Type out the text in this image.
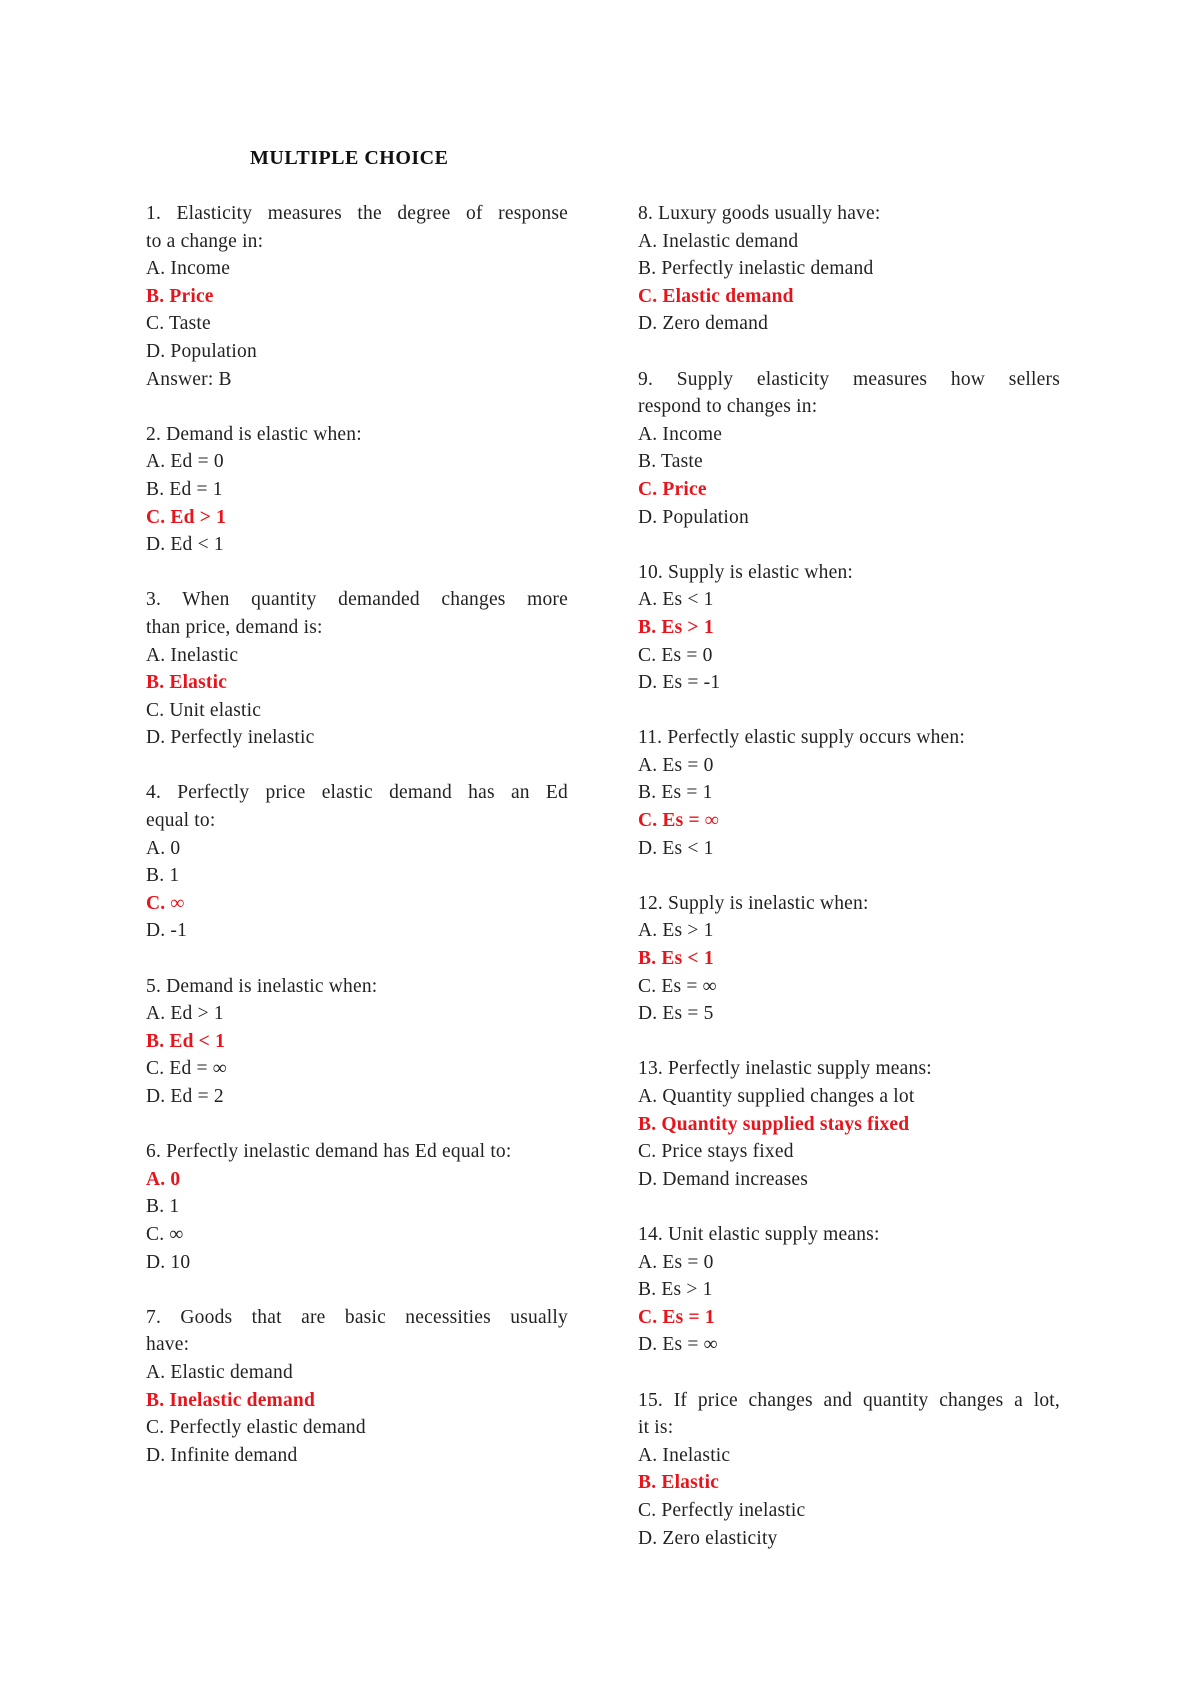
MULTIPLE CHOICE
1. Elasticity measures the degree of response
to a change in:
A. Income
B. Price
C. Taste
D. Population
Answer: B
2. Demand is elastic when:
A. Ed = 0
B. Ed = 1
C. Ed > 1
D. Ed < 1
3. When quantity demanded changes more
than price, demand is:
A. Inelastic
B. Elastic
C. Unit elastic
D. Perfectly inelastic
4. Perfectly price elastic demand has an Ed
equal to:
A. 0
B. 1
C. ∞
D. -1
5. Demand is inelastic when:
A. Ed > 1
B. Ed < 1
C. Ed = ∞
D. Ed = 2
6. Perfectly inelastic demand has Ed equal to:
A. 0
B. 1
C. ∞
D. 10
7. Goods that are basic necessities usually
have:
A. Elastic demand
B. Inelastic demand
C. Perfectly elastic demand
D. Infinite demand
8. Luxury goods usually have:
A. Inelastic demand
B. Perfectly inelastic demand
C. Elastic demand
D. Zero demand
9. Supply elasticity measures how sellers
respond to changes in:
A. Income
B. Taste
C. Price
D. Population
10. Supply is elastic when:
A. Es < 1
B. Es > 1
C. Es = 0
D. Es = -1
11. Perfectly elastic supply occurs when:
A. Es = 0
B. Es = 1
C. Es = ∞
D. Es < 1
12. Supply is inelastic when:
A. Es > 1
B. Es < 1
C. Es = ∞
D. Es = 5
13. Perfectly inelastic supply means:
A. Quantity supplied changes a lot
B. Quantity supplied stays fixed
C. Price stays fixed
D. Demand increases
14. Unit elastic supply means:
A. Es = 0
B. Es > 1
C. Es = 1
D. Es = ∞
15. If price changes and quantity changes a lot,
it is:
A. Inelastic
B. Elastic
C. Perfectly inelastic
D. Zero elasticity
